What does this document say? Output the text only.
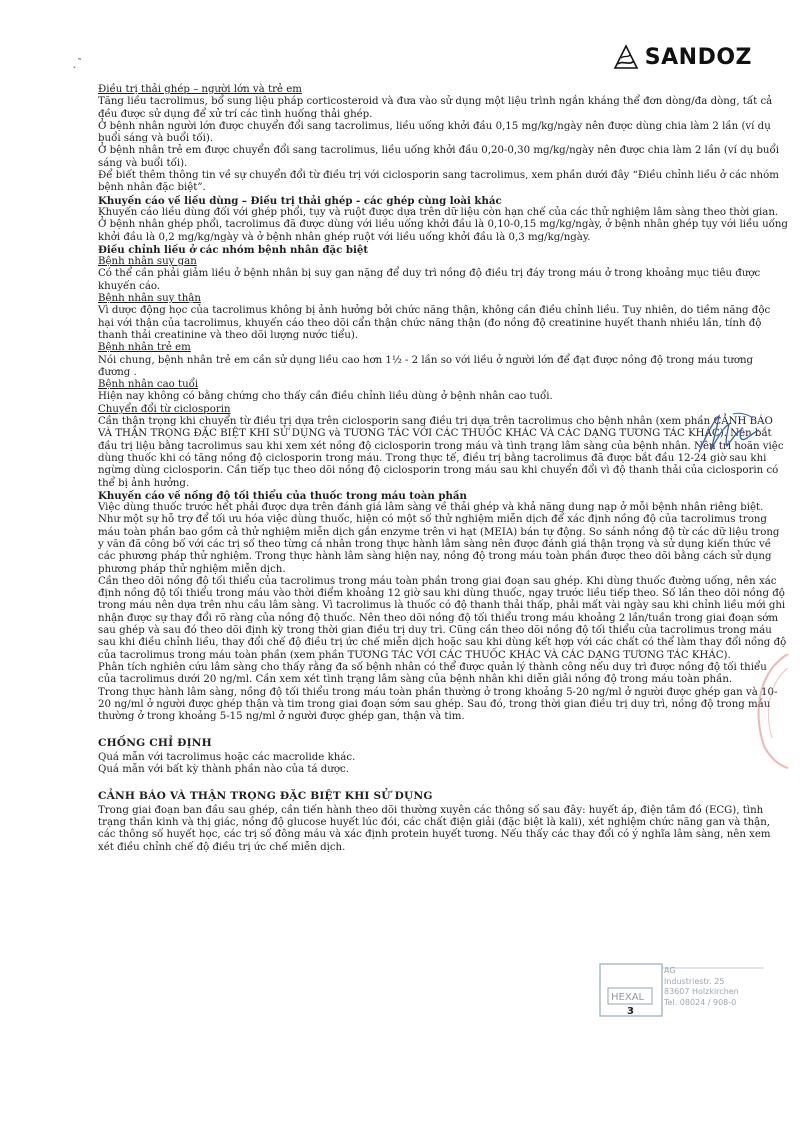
˛˜	SANDOZ

Điều trị thải ghép – người lớn và trẻ em

Tăng liều tacrolimus, bổ sung liệu pháp corticosteroid và đưa vào sử dụng một liệu trình ngắn kháng thể đơn dòng/đa dòng, tất cả đều được sử dụng để xử trí các tình huống thải ghép.

Ở bệnh nhân người lớn được chuyển đổi sang tacrolimus, liều uống khởi đầu 0,15 mg/kg/ngày nên được dùng chia làm 2 lần (ví dụ buổi sáng và buổi tối).

Ở bệnh nhân trẻ em được chuyển đổi sang tacrolimus, liều uống khởi đầu 0,20-0,30 mg/kg/ngày nên được chia làm 2 lần (ví dụ buổi sáng và buổi tối).

Để biết thêm thông tin về sự chuyển đổi từ điều trị với ciclosporin sang tacrolimus, xem phần dưới đây “Điều chỉnh liều ở các nhóm bệnh nhân đặc biệt”.

Khuyến cáo về liều dùng – Điều trị thải ghép - các ghép cùng loài khác

Khuyến cáo liều dùng đối với ghép phổi, tụy và ruột được dựa trên dữ liệu còn hạn chế của các thử nghiệm lâm sàng theo thời gian. Ở bệnh nhân ghép phổi, tacrolimus đã được dùng với liều uống khởi đầu là 0,10-0,15 mg/kg/ngày, ở bệnh nhân ghép tụy với liều uống khởi đầu là 0,2 mg/kg/ngày và ở bệnh nhân ghép ruột với liều uống khởi đầu là 0,3 mg/kg/ngày.

Điều chỉnh liều ở các nhóm bệnh nhân đặc biệt

Bệnh nhân suy gan

Có thể cần phải giảm liều ở bệnh nhân bị suy gan nặng để duy trì nồng độ điều trị đáy trong máu ở trong khoảng mục tiêu được khuyến cáo.

Bệnh nhân suy thận

Vì dược động học của tacrolimus không bị ảnh hưởng bởi chức năng thận, không cần điều chỉnh liều. Tuy nhiên, do tiềm năng độc hại với thận của tacrolimus, khuyến cáo theo dõi cẩn thận chức năng thận (đo nồng độ creatinine huyết thanh nhiều lần, tính độ thanh thải creatinine và theo dõi lượng nước tiểu).

Bệnh nhân trẻ em

Nói chung, bệnh nhân trẻ em cần sử dụng liều cao hơn 1½ - 2 lần so với liều ở người lớn để đạt được nồng độ trong máu tương đương .

Bệnh nhân cao tuổi

Hiện nay không có bằng chứng cho thấy cần điều chỉnh liều dùng ở bệnh nhân cao tuổi.

Chuyển đổi từ ciclosporin

Cần thận trọng khi chuyển từ điều trị dựa trên ciclosporin sang điều trị dựa trên tacrolimus cho bệnh nhân (xem phần CẢNH BÁO VÀ THẬN TRỌNG ĐẶC BIỆT KHI SỬ DỤNG và TƯƠNG TÁC VỚI CÁC THUỐC KHÁC VÀ CÁC DẠNG TƯƠNG TÁC KHÁC). Nên bắt đầu trị liệu bằng tacrolimus sau khi xem xét nồng độ ciclosporin trong máu và tình trạng lâm sàng của bệnh nhân. Nên trì hoãn việc dùng thuốc khi có tăng nồng độ ciclosporin trong máu. Trong thực tế, điều trị bằng tacrolimus đã được bắt đầu 12-24 giờ sau khi ngừng dùng ciclosporin. Cần tiếp tục theo dõi nồng độ ciclosporin trong máu sau khi chuyển đổi vì độ thanh thải của ciclosporin có thể bị ảnh hưởng.

Khuyến cáo về nồng độ tối thiểu của thuốc trong máu toàn phần

Việc dùng thuốc trước hết phải được dựa trên đánh giá lâm sàng về thải ghép và khả năng dung nạp ở mỗi bệnh nhân riêng biệt.

Như một sự hỗ trợ để tối ưu hóa việc dùng thuốc, hiện có một số thử nghiệm miễn dịch để xác định nồng độ của tacrolimus trong máu toàn phần bao gồm cả thử nghiệm miễn dịch gắn enzyme trên vi hạt (MEIA) bán tự động. So sánh nồng độ từ các dữ liệu trong y văn đã công bố với các trị số theo từng cá nhân trong thực hành lâm sàng nên được đánh giá thận trọng và sử dụng kiến thức về các phương pháp thử nghiệm. Trong thực hành lâm sàng hiện nay, nồng độ trong máu toàn phần được theo dõi bằng cách sử dụng phương pháp thử nghiệm miễn dịch.

Cần theo dõi nồng độ tối thiểu của tacrolimus trong máu toàn phần trong giai đoạn sau ghép. Khi dùng thuốc đường uống, nên xác định nồng độ tối thiểu trong máu vào thời điểm khoảng 12 giờ sau khi dùng thuốc, ngay trước liều tiếp theo. Số lần theo dõi nồng độ trong máu nên dựa trên nhu cầu lâm sàng. Vì tacrolimus là thuốc có độ thanh thải thấp, phải mất vài ngày sau khi chỉnh liều mới ghi nhận được sự thay đổi rõ ràng của nồng độ thuốc. Nên theo dõi nồng độ tối thiểu trong máu khoảng 2 lần/tuần trong giai đoạn sớm sau ghép và sau đó theo dõi định kỳ trong thời gian điều trị duy trì. Cũng cần theo dõi nồng độ tối thiểu của tacrolimus trong máu sau khi điều chỉnh liều, thay đổi chế độ điều trị ức chế miễn dịch hoặc sau khi dùng kết hợp với các chất có thể làm thay đổi nồng độ của tacrolimus trong máu toàn phần (xem phần TƯƠNG TÁC VỚI CÁC THUỐC KHÁC VÀ CÁC DẠNG TƯƠNG TÁC KHÁC).

Phân tích nghiên cứu lâm sàng cho thấy rằng đa số bệnh nhân có thể được quản lý thành công nếu duy trì được nồng độ tối thiểu của tacrolimus dưới 20 ng/ml. Cần xem xét tình trạng lâm sàng của bệnh nhân khi diễn giải nồng độ trong máu toàn phần.

Trong thực hành lâm sàng, nồng độ tối thiểu trong máu toàn phần thường ở trong khoảng 5-20 ng/ml ở người được ghép gan và 10-20 ng/ml ở người được ghép thận và tim trong giai đoạn sớm sau ghép. Sau đó, trong thời gian điều trị duy trì, nồng độ trong máu thường ở trong khoảng 5-15 ng/ml ở người được ghép gan, thận và tim.

CHỐNG CHỈ ĐỊNH

Quá mẫn với tacrolimus hoặc các macrolide khác.

Quá mẫn với bất kỳ thành phần nào của tá dược.

CẢNH BÁO VÀ THẬN TRỌNG ĐẶC BIỆT KHI SỬ DỤNG

Trong giai đoạn ban đầu sau ghép, cần tiến hành theo dõi thường xuyên các thông số sau đây: huyết áp, điện tâm đồ (ECG), tình trạng thần kinh và thị giác, nồng độ glucose huyết lúc đói, các chất điện giải (đặc biệt là kali), xét nghiệm chức năng gan và thận, các thông số huyết học, các trị số đông máu và xác định protein huyết tương. Nếu thấy các thay đổi có ý nghĩa lâm sàng, nên xem xét điều chỉnh chế độ điều trị ức chế miễn dịch.

HEXAL

AG

Industriestr. 25

83607 Holzkirchen

Tel. 08024 / 908-0

3
